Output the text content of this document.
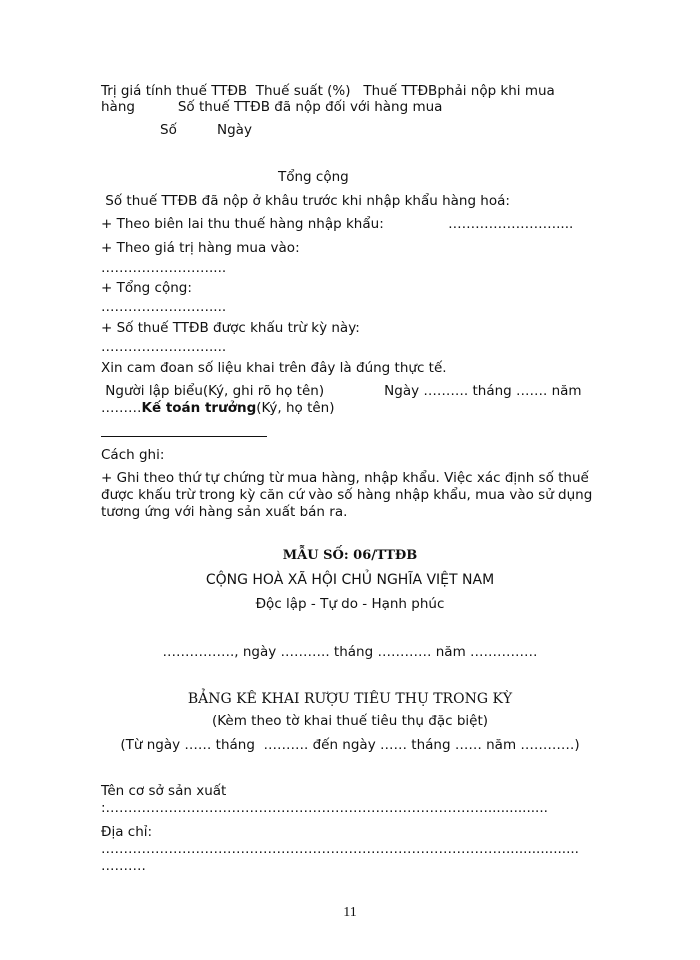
Trị giá tính thuế TTĐB  Thuế suất (%)   Thuế TTĐBphải nộp khi mua
hàng          Số thuế TTĐB đã nộp đối với hàng mua
Số	Ngày
Tổng cộng
Số thuế TTĐB đã nộp ở khâu trước khi nhập khẩu hàng hoá:
+ Theo biên lai thu thuế hàng nhập khẩu:               ……………………....
+ Theo giá trị hàng mua vào:
……………………....
+ Tổng cộng:
……………………....
+ Số thuế TTĐB được khấu trừ kỳ này:
……………………....
Xin cam đoan số liệu khai trên đây là đúng thực tế.
Người lập biểu(Ký, ghi rõ họ tên)              Ngày ………. tháng ……. năm
………Kế toán trưởng(Ký, họ tên)
Cách ghi:
+ Ghi theo thứ tự chứng từ mua hàng, nhập khẩu. Việc xác định số thuế
được khấu trừ trong kỳ căn cứ vào số hàng nhập khẩu, mua vào sử dụng
tương ứng với hàng sản xuất bán ra.
MẪU SỐ: 06/TTĐB
CỘNG HOÀ XÃ HỘI CHỦ NGHĨA VIỆT NAM
Độc lập - Tự do - Hạnh phúc
……………., ngày ……….. tháng ………… năm ……………
BẢNG KÊ KHAI RƯỢU TIÊU THỤ TRONG KỲ
(Kèm theo tờ khai thuế tiêu thụ đặc biệt)
(Từ ngày …… tháng  ………. đến ngày …… tháng …… năm …………)
Tên cơ sở sản xuất
:…………………………………………………………………………...............
Địa chỉ:
……………………………………………………………………………….................
……….
11
